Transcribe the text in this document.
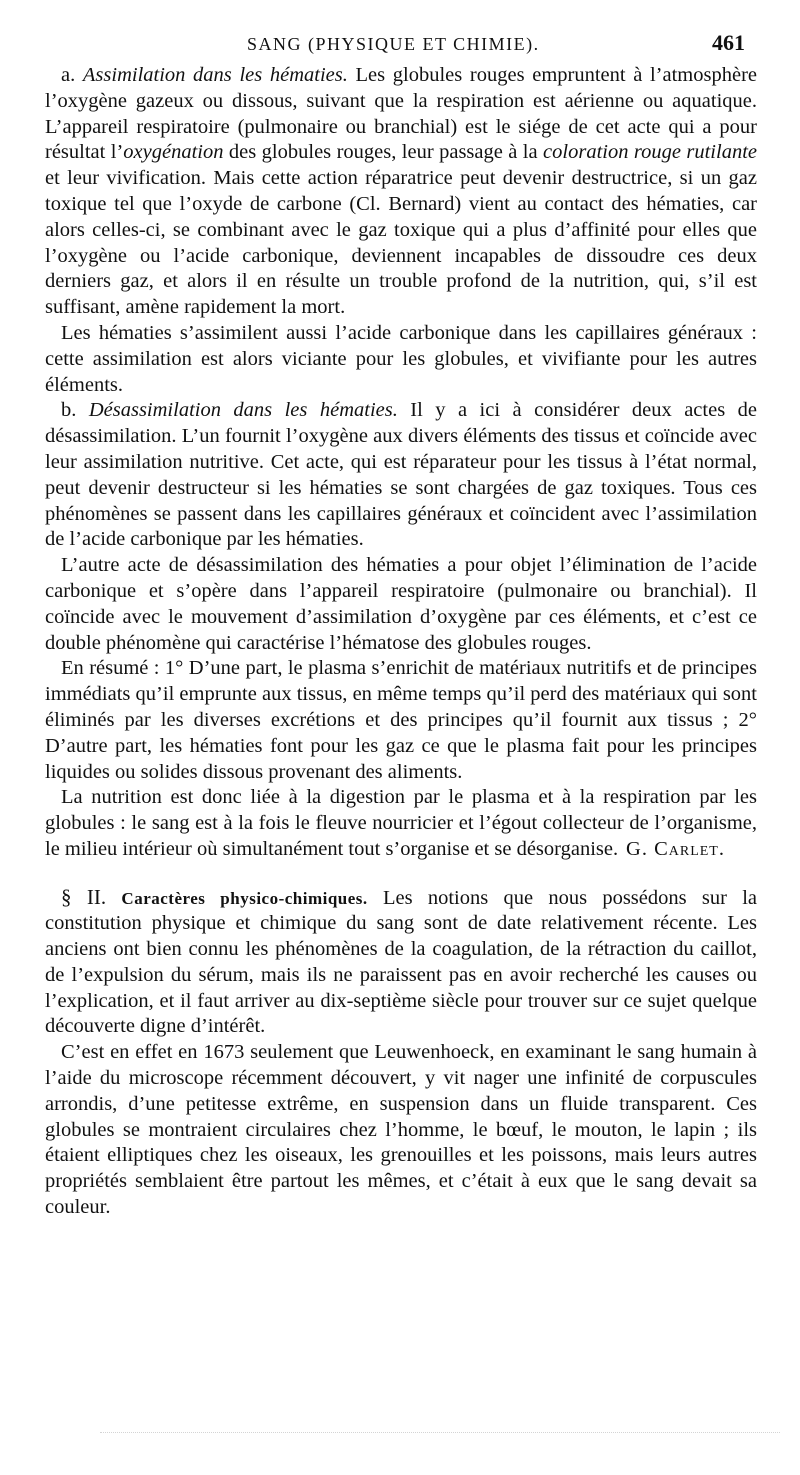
SANG (PHYSIQUE ET CHIMIE).	461

a. Assimilation dans les hématies. Les globules rouges empruntent à l’atmosphère l’oxygène gazeux ou dissous, suivant que la respiration est aérienne ou aquatique. L’appareil respiratoire (pulmonaire ou branchial) est le siége de cet acte qui a pour résultat l’oxygénation des globules rouges, leur passage à la coloration rouge rutilante et leur vivification. Mais cette action réparatrice peut devenir destructrice, si un gaz toxique tel que l’oxyde de carbone (Cl. Bernard) vient au contact des hématies, car alors celles-ci, se combinant avec le gaz toxique qui a plus d’affinité pour elles que l’oxygène ou l’acide carbonique, deviennent incapables de dissoudre ces deux derniers gaz, et alors il en résulte un trouble profond de la nutrition, qui, s’il est suffisant, amène rapidement la mort.

Les hématies s’assimilent aussi l’acide carbonique dans les capillaires généraux : cette assimilation est alors viciante pour les globules, et vivifiante pour les autres éléments.

b. Désassimilation dans les hématies. Il y a ici à considérer deux actes de désassimilation. L’un fournit l’oxygène aux divers éléments des tissus et coïncide avec leur assimilation nutritive. Cet acte, qui est réparateur pour les tissus à l’état normal, peut devenir destructeur si les hématies se sont chargées de gaz toxiques. Tous ces phénomènes se passent dans les capillaires généraux et coïncident avec l’assimilation de l’acide carbonique par les hématies.

L’autre acte de désassimilation des hématies a pour objet l’élimination de l’acide carbonique et s’opère dans l’appareil respiratoire (pulmonaire ou branchial). Il coïncide avec le mouvement d’assimilation d’oxygène par ces éléments, et c’est ce double phénomène qui caractérise l’hématose des globules rouges.

En résumé : 1° D’une part, le plasma s’enrichit de matériaux nutritifs et de principes immédiats qu’il emprunte aux tissus, en même temps qu’il perd des matériaux qui sont éliminés par les diverses excrétions et des principes qu’il fournit aux tissus ; 2° D’autre part, les hématies font pour les gaz ce que le plasma fait pour les principes liquides ou solides dissous provenant des aliments.

La nutrition est donc liée à la digestion par le plasma et à la respiration par les globules : le sang est à la fois le fleuve nourricier et l’égout collecteur de l’organisme, le milieu intérieur où simultanément tout s’organise et se désorganise. G. Carlet.

§ II. Caractères physico-chimiques. Les notions que nous possédons sur la constitution physique et chimique du sang sont de date relativement récente. Les anciens ont bien connu les phénomènes de la coagulation, de la rétraction du caillot, de l’expulsion du sérum, mais ils ne paraissent pas en avoir recherché les causes ou l’explication, et il faut arriver au dix-septième siècle pour trouver sur ce sujet quelque découverte digne d’intérêt.

C’est en effet en 1673 seulement que Leuwenhoeck, en examinant le sang humain à l’aide du microscope récemment découvert, y vit nager une infinité de corpuscules arrondis, d’une petitesse extrême, en suspension dans un fluide transparent. Ces globules se montraient circulaires chez l’homme, le bœuf, le mouton, le lapin ; ils étaient elliptiques chez les oiseaux, les grenouilles et les poissons, mais leurs autres propriétés semblaient être partout les mêmes, et c’était à eux que le sang devait sa couleur.
